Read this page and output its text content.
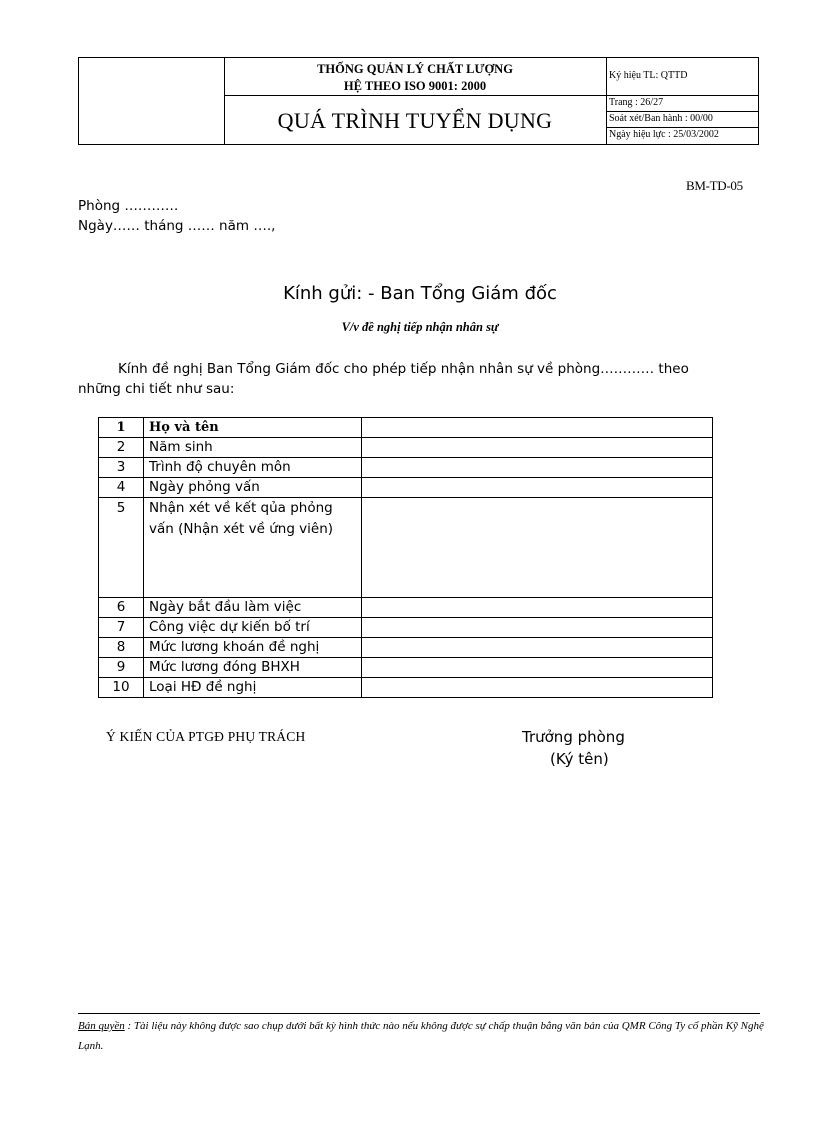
THỐNG QUẢN LÝ CHẤT LƯỢNG
HỆ THEO ISO 9001: 2000
QUÁ TRÌNH TUYỂN DỤNG
Ký hiệu TL: QTTD
Trang : 26/27
Soát xét/Ban hành : 00/00
Ngày hiệu lực : 25/03/2002
BM-TD-05
Phòng …………
Ngày…… tháng …… năm ….,
Kính gửi: - Ban Tổng Giám đốc
V/v đề nghị tiếp nhận nhân sự
Kính đề nghị Ban Tổng Giám đốc cho phép tiếp nhận nhân sự về phòng………… theo
những chi tiết như sau:
1	Họ và tên	
2	Năm sinh	
3	Trình độ chuyên môn	
4	Ngày phỏng vấn	
5	Nhận xét về kết qủa phỏng vấn (Nhận xét về ứng viên)	
6	Ngày bắt đầu làm việc	
7	Công việc dự kiến bố trí	
8	Mức lương khoán đề nghị	
9	Mức lương đóng BHXH	
10	Loại HĐ đề nghị	
Ý KIẾN CỦA PTGĐ PHỤ TRÁCH	Trưởng phòng
(Ký tên)
Bản quyền : Tài liệu này không được sao chụp dưới bất kỳ hình thức nào nếu không được sự chấp thuận bằng văn bản của QMR Công Ty cổ phần Kỹ Nghệ Lạnh.
